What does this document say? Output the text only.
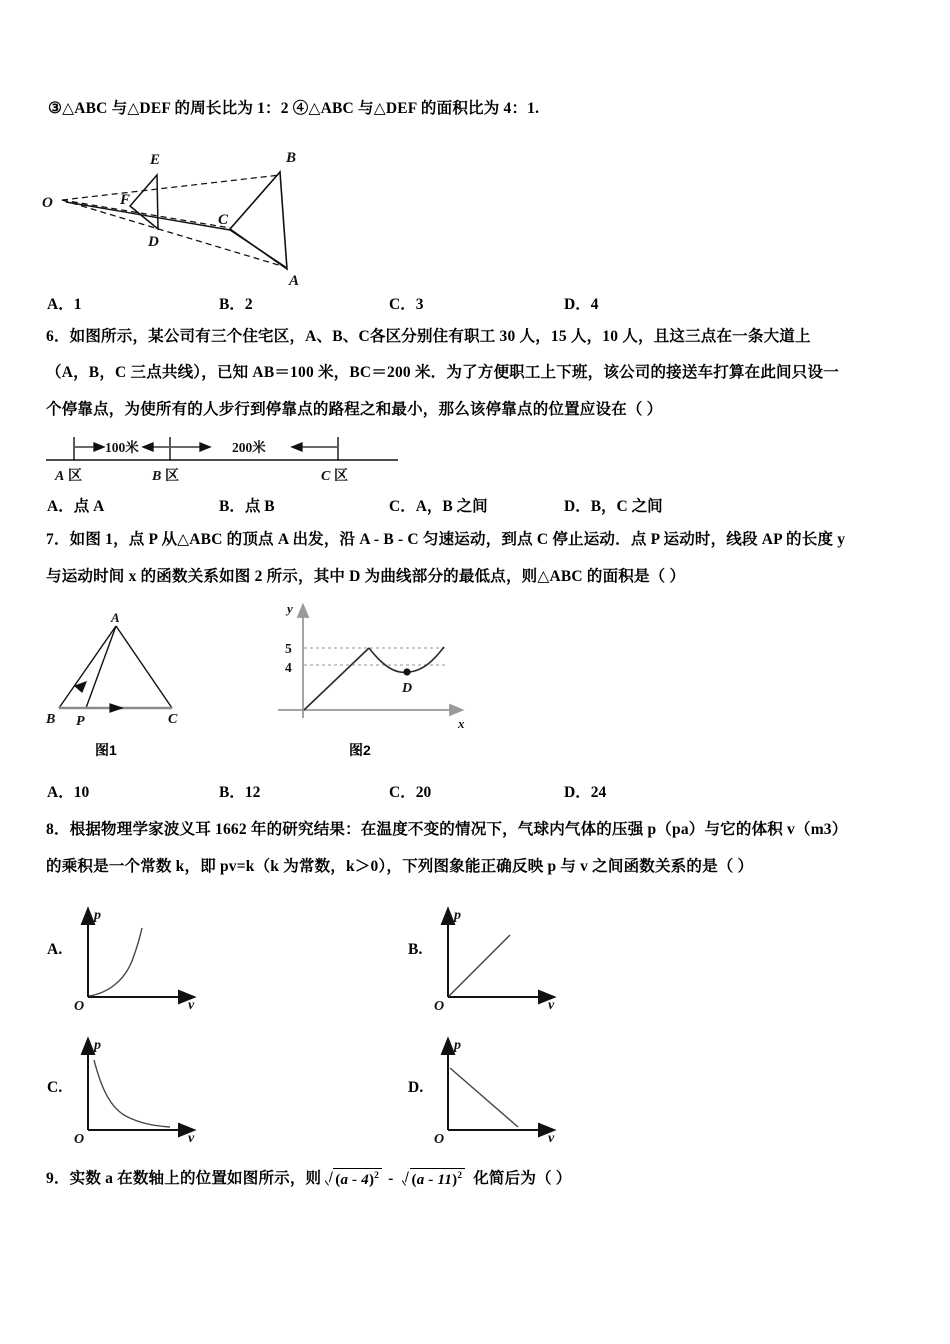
③△ABC 与△DEF 的周长比为 1：2 ④△ABC 与△DEF 的面积比为 4：1.
O
E
F
D
B
C
A
A．1	B．2	C．3	D．4
6．如图所示，某公司有三个住宅区，A、B、C各区分别住有职工 30 人，15 人，10 人，且这三点在一条大道上
（A，B，C 三点共线），已知 AB＝100 米，BC＝200 米．为了方便职工上下班，该公司的接送车打算在此间只设一
个停靠点，为使所有的人步行到停靠点的路程之和最小，那么该停靠点的位置应设在（ ）
100米	200米
A 区	B 区	C 区
A．点 A	B．点 B	C．A，B 之间	D．B，C 之间
7．如图 1，点 P 从△ABC 的顶点 A 出发，沿 A - B - C 匀速运动，到点 C 停止运动．点 P 运动时，线段 AP 的长度 y
与运动时间 x 的函数关系如图 2 所示，其中 D 为曲线部分的最低点，则△ABC 的面积是（ ）
A
B P	C
图1
y
x
5
4
D
图2
A．10	B．12	C．20	D．24
8．根据物理学家波义耳 1662 年的研究结果：在温度不变的情况下，气球内气体的压强 p（pa）与它的体积 v（m3）
的乘积是一个常数 k，即 pv=k（k 为常数，k＞0），下列图象能正确反映 p 与 v 之间函数关系的是（ ）
A.
p
v
O
B.
p
v
O
C.
p
v
O
D.
p
v
O
9．实数 a 在数轴上的位置如图所示，则 (a - 4)$^2$ -	(a - 11)$^2$ 化简后为（ ）
